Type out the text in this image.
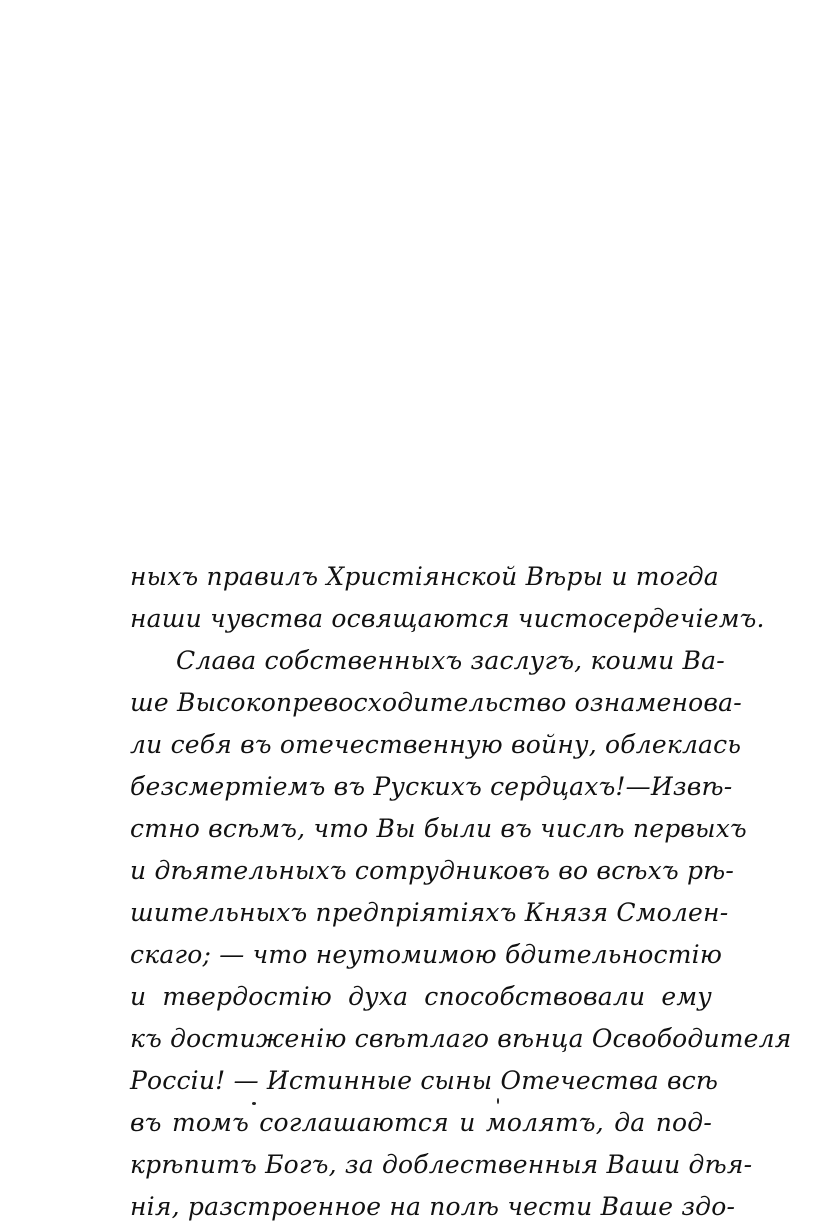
ныхъ правилъ Христіянской Вѣры и тогда
наши чувства освящаются чистосердечіемъ.
Слава собственныхъ заслугъ, коими Ва-
ше Высокопревосходительство ознаменова-
ли себя въ отечественную войну, облеклась
безсмертіемъ въ Рускихъ сердцахъ!—Извѣ-
стно всѣмъ, что Вы были въ числѣ первыхъ
и дѣятельныхъ сотрудниковъ во всѣхъ рѣ-
шительныхъ предпріятіяхъ Князя Смолен-
скаго; — что неутомимою бдительностію
и твердостію духа способствовали ему
къ достиженію свѣтлаго вѣнца Освободителя
Россіи! — Истинные сыны Отечества всѣ
въ томъ соглашаются и молятъ, да под-
крѣпитъ Богъ, за доблественныя Ваши дѣя-
нія, разстроенное на полѣ чести Ваше здо-
